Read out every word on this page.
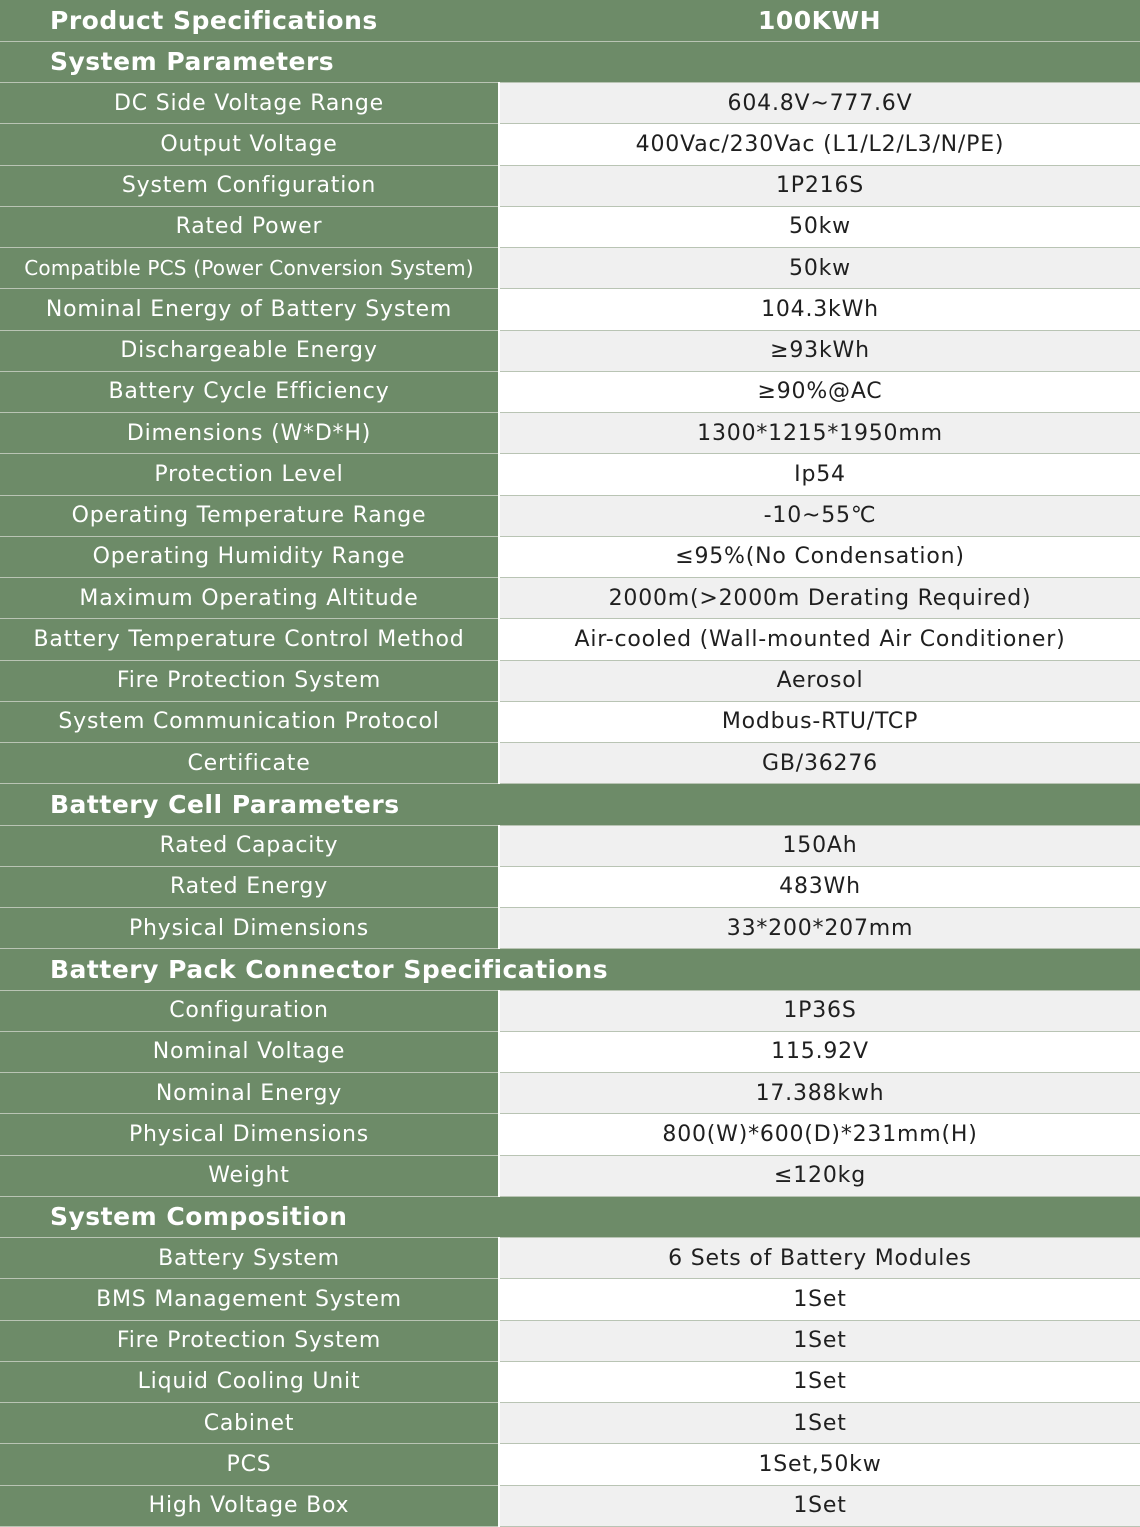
Product Specifications	100KWH
System Parameters	
DC Side Voltage Range	604.8V~777.6V
Output Voltage	400Vac/230Vac (L1/L2/L3/N/PE)
System Configuration	1P216S
Rated Power	50kw
Compatible PCS (Power Conversion System)	50kw
Nominal Energy of Battery System	104.3kWh
Dischargeable Energy	≥93kWh
Battery Cycle Efficiency	≥90%@AC
Dimensions (W*D*H)	1300*1215*1950mm
Protection Level	Ip54
Operating Temperature Range	-10~55℃
Operating Humidity Range	≤95%(No Condensation)
Maximum Operating Altitude	2000m(>2000m Derating Required)
Battery Temperature Control Method	Air-cooled (Wall-mounted Air Conditioner)
Fire Protection System	Aerosol
System Communication Protocol	Modbus-RTU/TCP
Certificate	GB/36276
Battery Cell Parameters	
Rated Capacity	150Ah
Rated Energy	483Wh
Physical Dimensions	33*200*207mm
Battery Pack Connector Specifications	
Configuration	1P36S
Nominal Voltage	115.92V
Nominal Energy	17.388kwh
Physical Dimensions	800(W)*600(D)*231mm(H)
Weight	≤120kg
System Composition	
Battery System	6 Sets of Battery Modules
BMS Management System	1Set
Fire Protection System	1Set
Liquid Cooling Unit	1Set
Cabinet	1Set
PCS	1Set,50kw
High Voltage Box	1Set
